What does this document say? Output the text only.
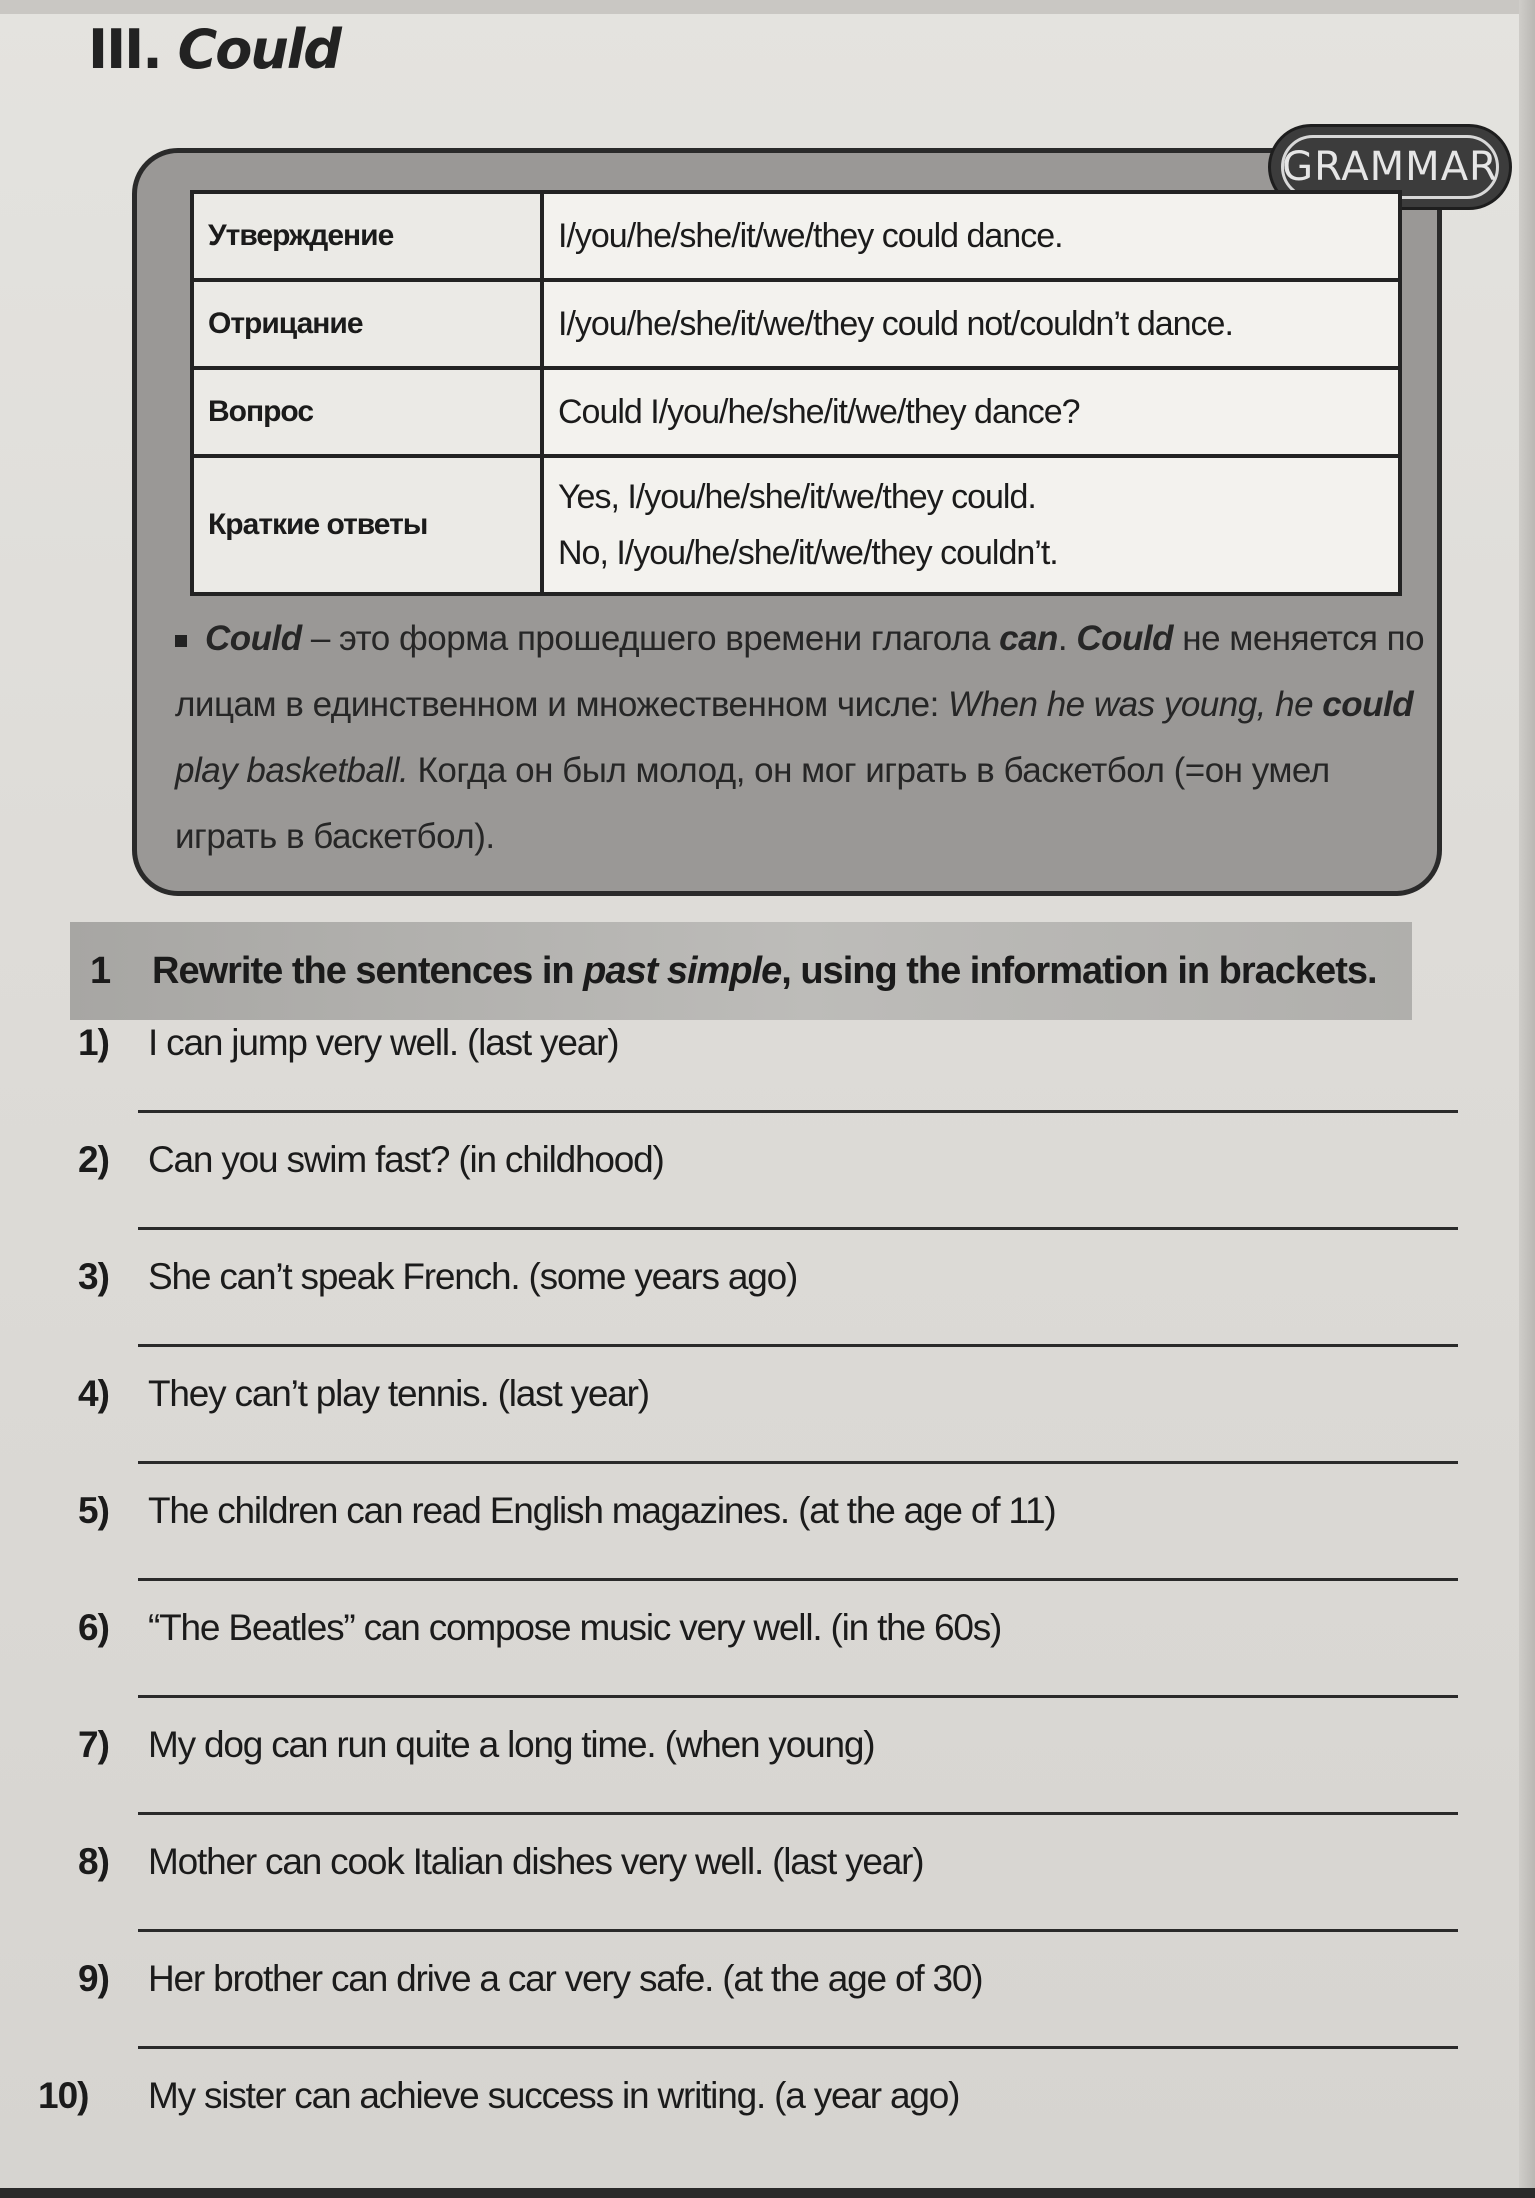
III. Could
GRAMMAR
Утверждение	I/you/he/she/it/we/they could dance.

Отрицание	I/you/he/she/it/we/they could not/couldn’t dance.

Вопрос	Could I/you/he/she/it/we/they dance?

Краткие ответы	Yes, I/you/he/she/it/we/they could.
No, I/you/he/she/it/we/they couldn’t.
Could – это форма прошедшего времени глагола can. Could не меняется по лицам в единственном и множественном числе: When he was young, he could play basketball. Когда он был молод, он мог играть в баскетбол (=он умел играть в баскетбол).
1	Rewrite the sentences in past simple, using the information in brackets.
1) I can jump very well. (last year)
2) Can you swim fast? (in childhood)
3) She can’t speak French. (some years ago)
4) They can’t play tennis. (last year)
5) The children can read English magazines. (at the age of 11)
6) “The Beatles” can compose music very well. (in the 60s)
7) My dog can run quite a long time. (when young)
8) Mother can cook Italian dishes very well. (last year)
9) Her brother can drive a car very safe. (at the age of 30)
10) My sister can achieve success in writing. (a year ago)
